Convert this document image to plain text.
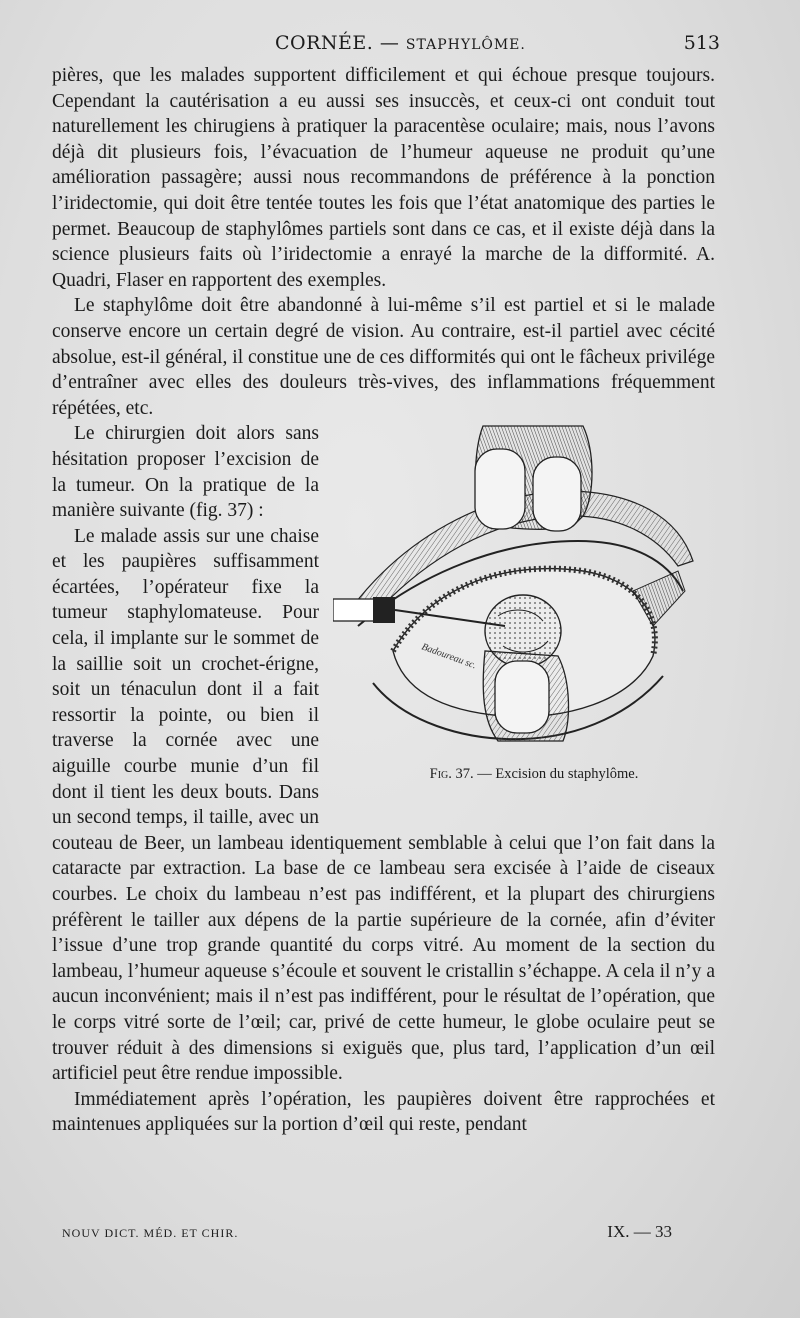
CORNÉE. — STAPHYLÔME.	513

pières, que les malades supportent difficilement et qui échoue presque toujours. Cependant la cautérisation a eu aussi ses insuccès, et ceux-ci ont conduit tout naturellement les chirugiens à pratiquer la paracentèse oculaire; mais, nous l’avons déjà dit plusieurs fois, l’évacuation de l’humeur aqueuse ne produit qu’une amélioration passagère; aussi nous recommandons de préférence à la ponction l’iridectomie, qui doit être tentée toutes les fois que l’état anatomique des parties le permet. Beaucoup de staphylômes partiels sont dans ce cas, et il existe déjà dans la science plusieurs faits où l’iridectomie a enrayé la marche de la difformité. A. Quadri, Flaser en rapportent des exemples.

Le staphylôme doit être abandonné à lui-même s’il est partiel et si le malade conserve encore un certain degré de vision. Au contraire, est-il partiel avec cécité absolue, est-il général, il constitue une de ces difformités qui ont le fâcheux privilége d’entraîner avec elles des douleurs très-vives, des inflammations fréquemment répétées, etc.

Badoureau sc.
Fig. 37. — Excision du staphylôme.
Le chirurgien doit alors sans hésitation proposer l’excision de la tumeur. On la pratique de la manière suivante (fig. 37) :

Le malade assis sur une chaise et les paupières suffisamment écartées, l’opérateur fixe la tumeur staphylomateuse. Pour cela, il implante sur le sommet de la saillie soit un crochet-érigne, soit un ténaculun dont il a fait ressortir la pointe, ou bien il traverse la cornée avec une aiguille courbe munie d’un fil dont il tient les deux bouts. Dans un second temps, il taille, avec un couteau de Beer, un lambeau identiquement semblable à celui que l’on fait dans la cataracte par extraction. La base de ce lambeau sera excisée à l’aide de ciseaux courbes. Le choix du lambeau n’est pas indifférent, et la plupart des chirurgiens préfèrent le tailler aux dépens de la partie supérieure de la cornée, afin d’éviter l’issue d’une trop grande quantité du corps vitré. Au moment de la section du lambeau, l’humeur aqueuse s’écoule et souvent le cristallin s’échappe. A cela il n’y a aucun inconvénient; mais il n’est pas indifférent, pour le résultat de l’opération, que le corps vitré sorte de l’œil; car, privé de cette humeur, le globe oculaire peut se trouver réduit à des dimensions si exiguës que, plus tard, l’application d’un œil artificiel peut être rendue impossible.

Immédiatement après l’opération, les paupières doivent être rapprochées et maintenues appliquées sur la portion d’œil qui reste, pendant

NOUV DICT. MÉD. ET CHIR.	IX. — 33
